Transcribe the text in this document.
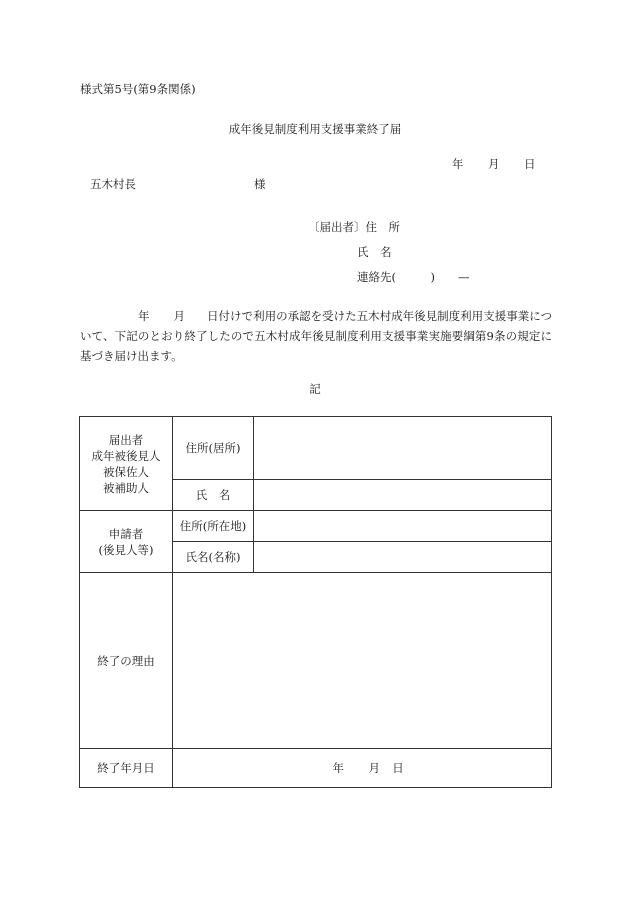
様式第5号(第9条関係)
成年後見制度利用支援事業終了届
年 月 日
五木村長	様
〔届出者〕住　所
氏　名
連絡先(　　　)　　—
年 月 日付けで利用の承認を受けた五木村成年後見制度利用支援事業について、下記のとおり終了したので五木村成年後見制度利用支援事業実施要綱第9条の規定に基づき届け出ます。
記
届出者
成年被後見人
被保佐人
被補助人	住所(居所)	
	氏　名	

申請者
(後見人等)	住所(所在地)	
	氏名(名称)	
終了の理由		
終了年月日	年 月 日	
